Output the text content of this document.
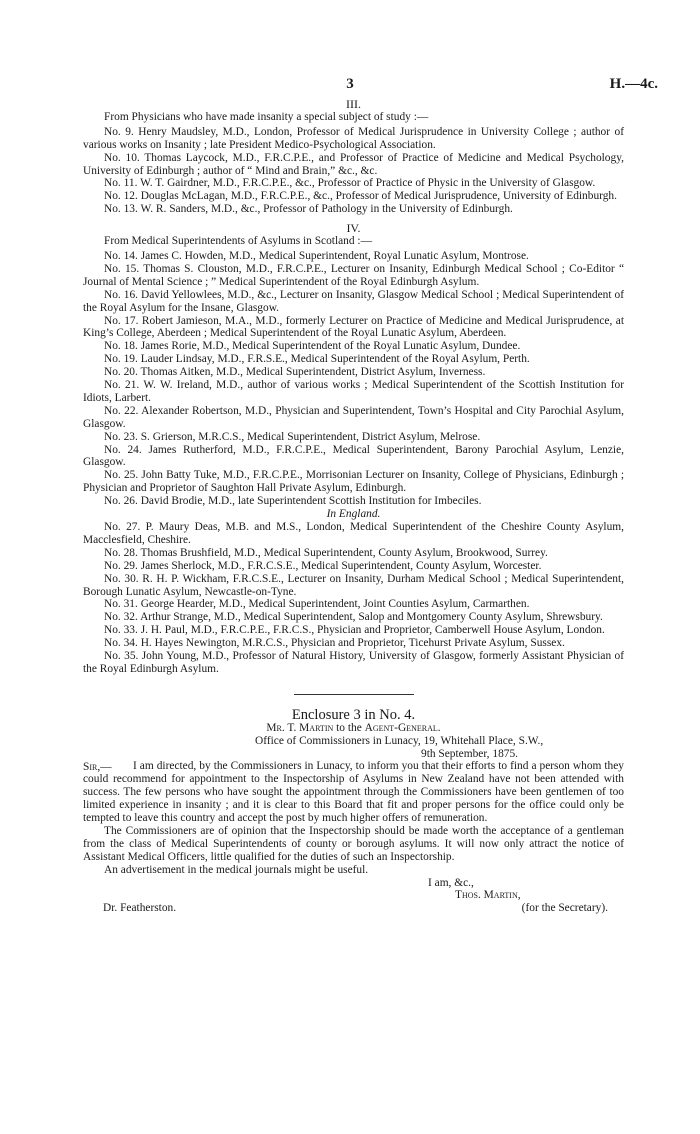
3	H.—4c.

III.

From Physicians who have made insanity a special subject of study :—

No. 9. Henry Maudsley, M.D., London, Professor of Medical Jurisprudence in University College ; author of various works on Insanity ; late President Medico-Psychological Association.

No. 10. Thomas Laycock, M.D., F.R.C.P.E., and Professor of Practice of Medicine and Medical Psychology, University of Edinburgh ; author of “ Mind and Brain,” &c., &c.

No. 11. W. T. Gairdner, M.D., F.R.C.P.E., &c., Professor of Practice of Physic in the University of Glasgow.

No. 12. Douglas McLagan, M.D., F.R.C.P.E., &c., Professor of Medical Jurisprudence, University of Edinburgh.

No. 13. W. R. Sanders, M.D., &c., Professor of Pathology in the University of Edinburgh.

IV.

From Medical Superintendents of Asylums in Scotland :—

No. 14. James C. Howden, M.D., Medical Superintendent, Royal Lunatic Asylum, Montrose.

No. 15. Thomas S. Clouston, M.D., F.R.C.P.E., Lecturer on Insanity, Edinburgh Medical School ; Co-Editor “ Journal of Mental Science ; ” Medical Superintendent of the Royal Edinburgh Asylum.

No. 16. David Yellowlees, M.D., &c., Lecturer on Insanity, Glasgow Medical School ; Medical Superintendent of the Royal Asylum for the Insane, Glasgow.

No. 17. Robert Jamieson, M.A., M.D., formerly Lecturer on Practice of Medicine and Medical Jurisprudence, at King’s College, Aberdeen ; Medical Superintendent of the Royal Lunatic Asylum, Aberdeen.

No. 18. James Rorie, M.D., Medical Superintendent of the Royal Lunatic Asylum, Dundee.

No. 19. Lauder Lindsay, M.D., F.R.S.E., Medical Superintendent of the Royal Asylum, Perth.

No. 20. Thomas Aitken, M.D., Medical Superintendent, District Asylum, Inverness.

No. 21. W. W. Ireland, M.D., author of various works ; Medical Superintendent of the Scottish Institution for Idiots, Larbert.

No. 22. Alexander Robertson, M.D., Physician and Superintendent, Town’s Hospital and City Parochial Asylum, Glasgow.

No. 23. S. Grierson, M.R.C.S., Medical Superintendent, District Asylum, Melrose.

No. 24. James Rutherford, M.D., F.R.C.P.E., Medical Superintendent, Barony Parochial Asylum, Lenzie, Glasgow.

No. 25. John Batty Tuke, M.D., F.R.C.P.E., Morrisonian Lecturer on Insanity, College of Physicians, Edinburgh ; Physician and Proprietor of Saughton Hall Private Asylum, Edinburgh.

No. 26. David Brodie, M.D., late Superintendent Scottish Institution for Imbeciles.

In England.

No. 27. P. Maury Deas, M.B. and M.S., London, Medical Superintendent of the Cheshire County Asylum, Macclesfield, Cheshire.

No. 28. Thomas Brushfield, M.D., Medical Superintendent, County Asylum, Brookwood, Surrey.

No. 29. James Sherlock, M.D., F.R.C.S.E., Medical Superintendent, County Asylum, Worcester.

No. 30. R. H. P. Wickham, F.R.C.S.E., Lecturer on Insanity, Durham Medical School ; Medical Superintendent, Borough Lunatic Asylum, Newcastle-on-Tyne.

No. 31. George Hearder, M.D., Medical Superintendent, Joint Counties Asylum, Carmarthen.

No. 32. Arthur Strange, M.D., Medical Superintendent, Salop and Montgomery County Asylum, Shrewsbury.

No. 33. J. H. Paul, M.D., F.R.C.P.E., F.R.C.S., Physician and Proprietor, Camberwell House Asylum, London.

No. 34. H. Hayes Newington, M.R.C.S., Physician and Proprietor, Ticehurst Private Asylum, Sussex.

No. 35. John Young, M.D., Professor of Natural History, University of Glasgow, formerly Assistant Physician of the Royal Edinburgh Asylum.

Enclosure 3 in No. 4.

Mr. T. Martin to the Agent-General.

Office of Commissioners in Lunacy, 19, Whitehall Place, S.W.,

9th September, 1875.

Sir,—	I am directed, by the Commissioners in Lunacy, to inform you that their efforts to find a person whom they could recommend for appointment to the Inspectorship of Asylums in New Zealand have not been attended with success. The few persons who have sought the appointment through the Commissioners have been gentlemen of too limited experience in insanity ; and it is clear to this Board that fit and proper persons for the office could only be tempted to leave this country and accept the post by much higher offers of remuneration.

The Commissioners are of opinion that the Inspectorship should be made worth the acceptance of a gentleman from the class of Medical Superintendents of county or borough asylums. It will now only attract the notice of Assistant Medical Officers, little qualified for the duties of such an Inspectorship.

An advertisement in the medical journals might be useful.

I am, &c.,

Thos. Martin,

Dr. Featherston.	(for the Secretary).
